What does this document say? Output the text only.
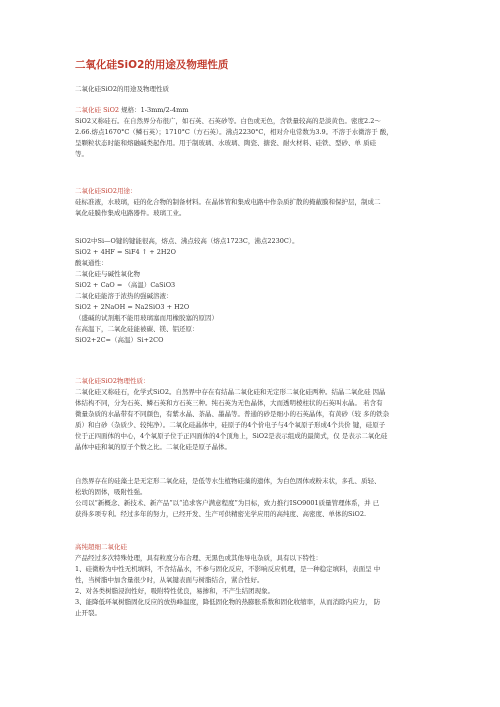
二氧化硅SiO2的用途及物理性质
二氧化硅SiO2的用途及物理性质
二氧化硅 SiO2 规格：1-3mm/2-4mm
SiO2又称硅石。在自然界分布很广，如石英、石英砂等。白色或无色，含铁量较高的是淡黄色。密度2.2～
2.66.熔点1670°C（鳞石英）；1710°C（方石英）。沸点2230°C，相对介电常数为3.9。不溶于水微溶于 酸，
呈颗粒状态时能和熔融碱类起作用。用于制玻璃、水玻璃、陶瓷、搪瓷、耐火材料、硅铁、型砂、单 质硅
等。
二氧化硅SiO2用途：
硅标准液，水玻璃，硅的化合物的制备材料。在晶体管和集成电路中作杂质扩散的掩蔽膜和保护层，制成二
氧化硅膜作集成电路器件。玻璃工业。
SiO2中Si—O键的键能很高，熔点、沸点较高（熔点1723C，沸点2230C）。
SiO2 + 4HF = SiF4 ↑ + 2H2O
酸氧通性：
二氧化硅与碱性氧化物
SiO2 + CaO = （高温）CaSiO3
二氧化硅能溶于浓热的强碱溶液：
SiO2 + 2NaOH = Na2SiO3 + H2O
（盛碱的试剂瓶不能用玻璃塞而用橡胶塞的原因）
在高温下，二氧化硅能被碳、镁、铝还原：
SiO2+2C=（高温）Si+2CO
二氧化硅SiO2物理性质：
二氧化硅又称硅石，化学式SiO2。自然界中存在有结晶二氧化硅和无定形二氧化硅两种。结晶二氧化硅 因晶
体结构不同，分为石英、鳞石英和方石英三种。纯石英为无色晶体，大而透明棱柱状的石英叫水晶。 若含有
微量杂质的水晶带有不同颜色，有紫水晶、茶晶、墨晶等。普通的砂是细小的石英晶体，有黄砂（较 多的铁杂
质）和白砂（杂质少、较纯净）。二氧化硅晶体中，硅原子的4个价电子与4个氧原子形成4个共价 键，硅原子
位于正四面体的中心，4个氧原子位于正四面体的4个顶角上，SiO2是表示组成的最简式，仅 是表示二氧化硅
晶体中硅和氧的原子个数之比。二氧化硅是原子晶体。
自然界存在的硅藻土是无定形二氧化硅，是低等水生植物硅藻的遗体，为白色固体或粉末状，多孔、质轻、
松软的固体，吸附性强。
公司以“新概念、新技术、新产品”以“追求客户满意程度”为目标，致力推行ISO9001质量管理体系，并 已
获得多项专利。经过多年的努力，已经开发、生产可供精密光学应用的高纯度、高密度、单体的SiO2.
高纯超细二氧化硅
产品经过多次特殊处理，具有粒度分布合理、无黑色或其他导电杂质，具有以下特性：
1、硅微粉为中性无机填料，不含结晶水，不参与固化反应，不影响反应机理，是一种稳定填料，表面呈 中
性，当树脂中加含量很少时，从氧键表面与树脂结合，紧合性好。
2、对各类树脂浸润性好，吸附特性优良，易掺和，不产生结团现象。
3、能降低环氧树脂固化反应的放热峰温度，降低固化物的热膨胀系数和固化收缩率，从而消除内应力， 防
止开裂。
